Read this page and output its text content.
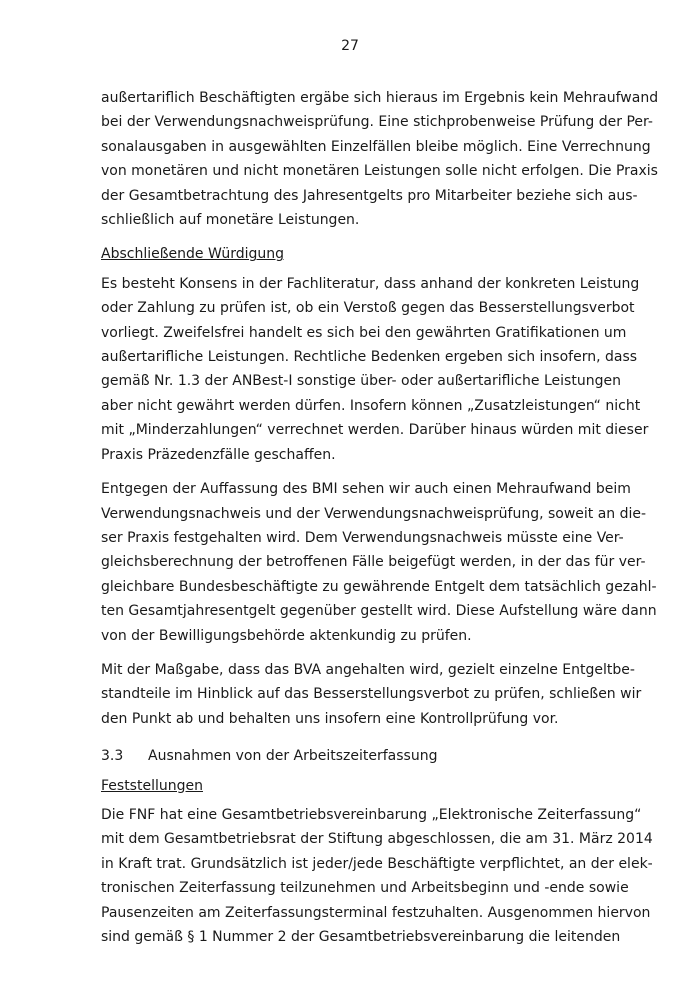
27
außertariflich Beschäftigten ergäbe sich hieraus im Ergebnis kein Mehraufwand
bei der Verwendungsnachweisprüfung. Eine stichprobenweise Prüfung der Per-
sonalausgaben in ausgewählten Einzelfällen bleibe möglich. Eine Verrechnung
von monetären und nicht monetären Leistungen solle nicht erfolgen. Die Praxis
der Gesamtbetrachtung des Jahresentgelts pro Mitarbeiter beziehe sich aus-
schließlich auf monetäre Leistungen.
Abschließende Würdigung
Es besteht Konsens in der Fachliteratur, dass anhand der konkreten Leistung
oder Zahlung zu prüfen ist, ob ein Verstoß gegen das Besserstellungsverbot
vorliegt. Zweifelsfrei handelt es sich bei den gewährten Gratifikationen um
außertarifliche Leistungen. Rechtliche Bedenken ergeben sich insofern, dass
gemäß Nr. 1.3 der ANBest-I sonstige über- oder außertarifliche Leistungen
aber nicht gewährt werden dürfen. Insofern können „Zusatzleistungen“ nicht
mit „Minderzahlungen“ verrechnet werden. Darüber hinaus würden mit dieser
Praxis Präzedenzfälle geschaffen.
Entgegen der Auffassung des BMI sehen wir auch einen Mehraufwand beim
Verwendungsnachweis und der Verwendungsnachweisprüfung, soweit an die-
ser Praxis festgehalten wird. Dem Verwendungsnachweis müsste eine Ver-
gleichsberechnung der betroffenen Fälle beigefügt werden, in der das für ver-
gleichbare Bundesbeschäftigte zu gewährende Entgelt dem tatsächlich gezahl-
ten Gesamtjahresentgelt gegenüber gestellt wird. Diese Aufstellung wäre dann
von der Bewilligungsbehörde aktenkundig zu prüfen.
Mit der Maßgabe, dass das BVA angehalten wird, gezielt einzelne Entgeltbe-
standteile im Hinblick auf das Besserstellungsverbot zu prüfen, schließen wir
den Punkt ab und behalten uns insofern eine Kontrollprüfung vor.
3.3 Ausnahmen von der Arbeitszeiterfassung
Feststellungen
Die FNF hat eine Gesamtbetriebsvereinbarung „Elektronische Zeiterfassung“
mit dem Gesamtbetriebsrat der Stiftung abgeschlossen, die am 31. März 2014
in Kraft trat. Grundsätzlich ist jeder/jede Beschäftigte verpflichtet, an der elek-
tronischen Zeiterfassung teilzunehmen und Arbeitsbeginn und -ende sowie
Pausenzeiten am Zeiterfassungsterminal festzuhalten. Ausgenommen hiervon
sind gemäß § 1 Nummer 2 der Gesamtbetriebsvereinbarung die leitenden
